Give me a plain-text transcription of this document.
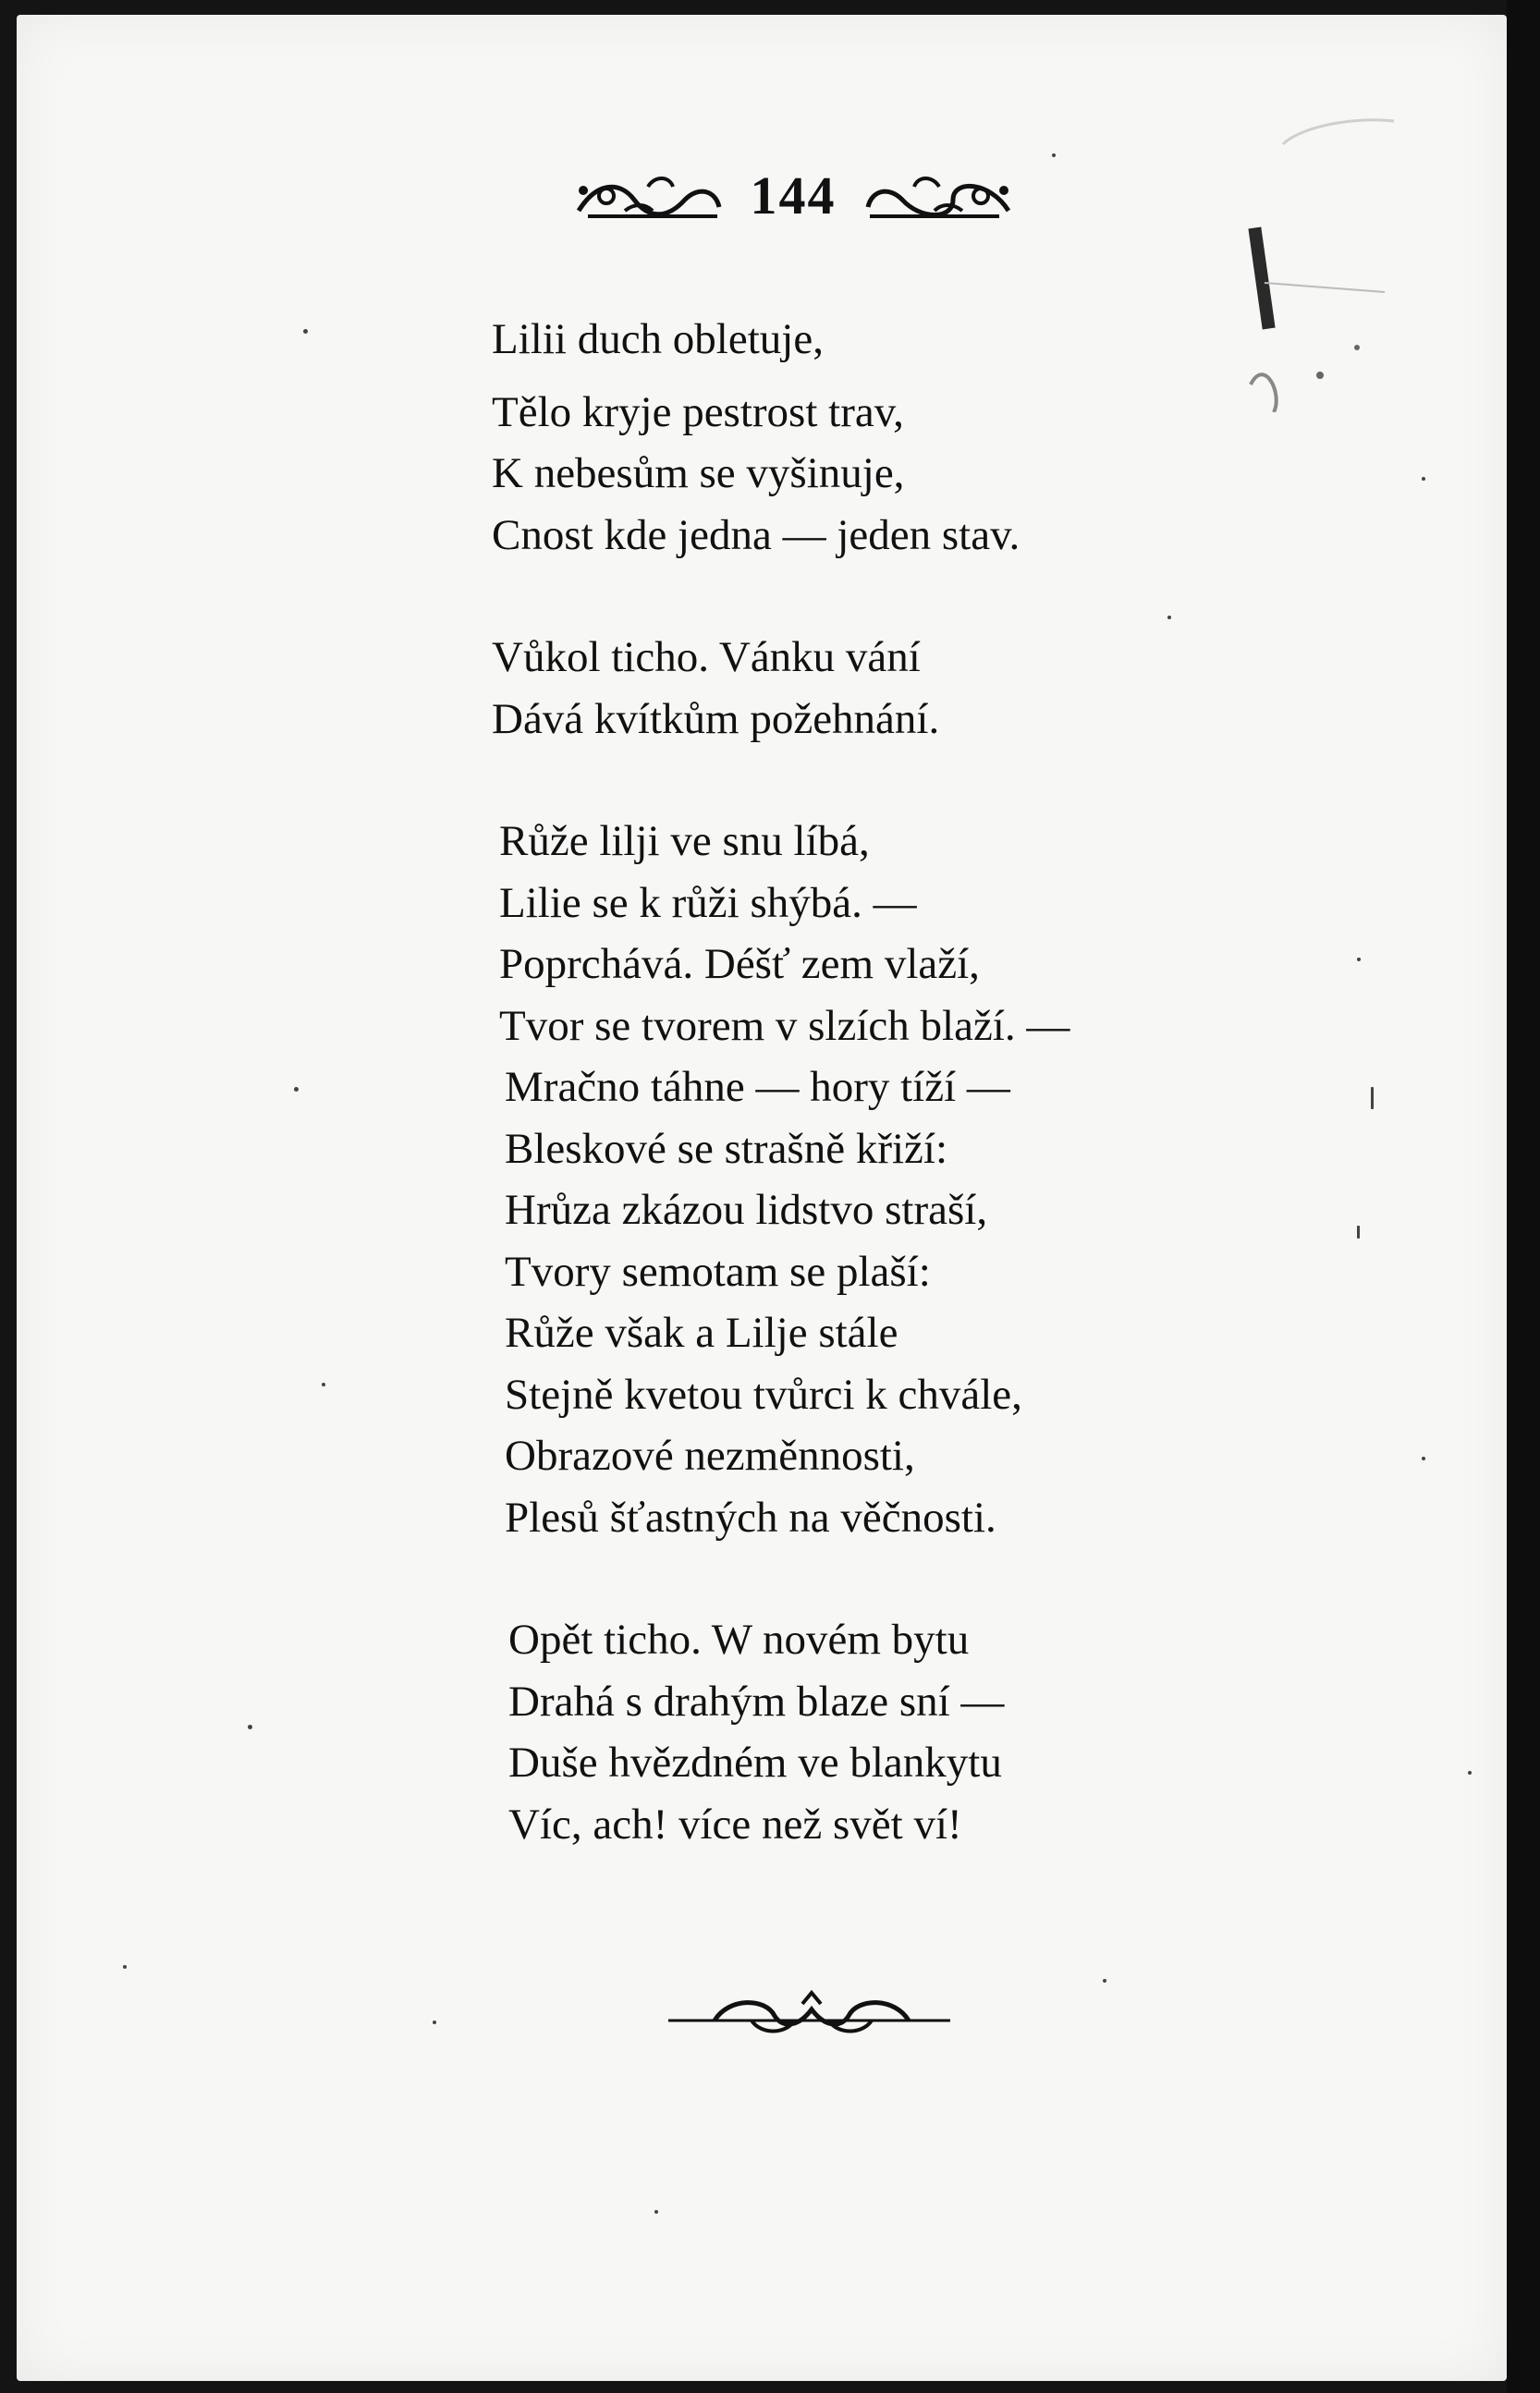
144
Lilii duch obletuje,
Tělo kryje pestrost trav,
K nebesům se vyšinuje,
Cnost kde jedna — jeden stav.
Vůkol ticho. Vánku vání
Dává kvítkům požehnání.
Růže lilji ve snu líbá,
Lilie se k růži shýbá. —
Poprchává. Déšť zem vlaží,
Tvor se tvorem v slzích blaží. —
Mračno táhne — hory tíží —
Bleskové se strašně křiží:
Hrůza zkázou lidstvo straší,
Tvory semotam se plaší:
Růže však a Lilje stále
Stejně kvetou tvůrci k chvále,
Obrazové nezměnnosti,
Plesů šťastných na věčnosti.
Opět ticho. W novém bytu
Drahá s drahým blaze sní —
Duše hvězdném ve blankytu
Víc, ach! více než svět ví!
